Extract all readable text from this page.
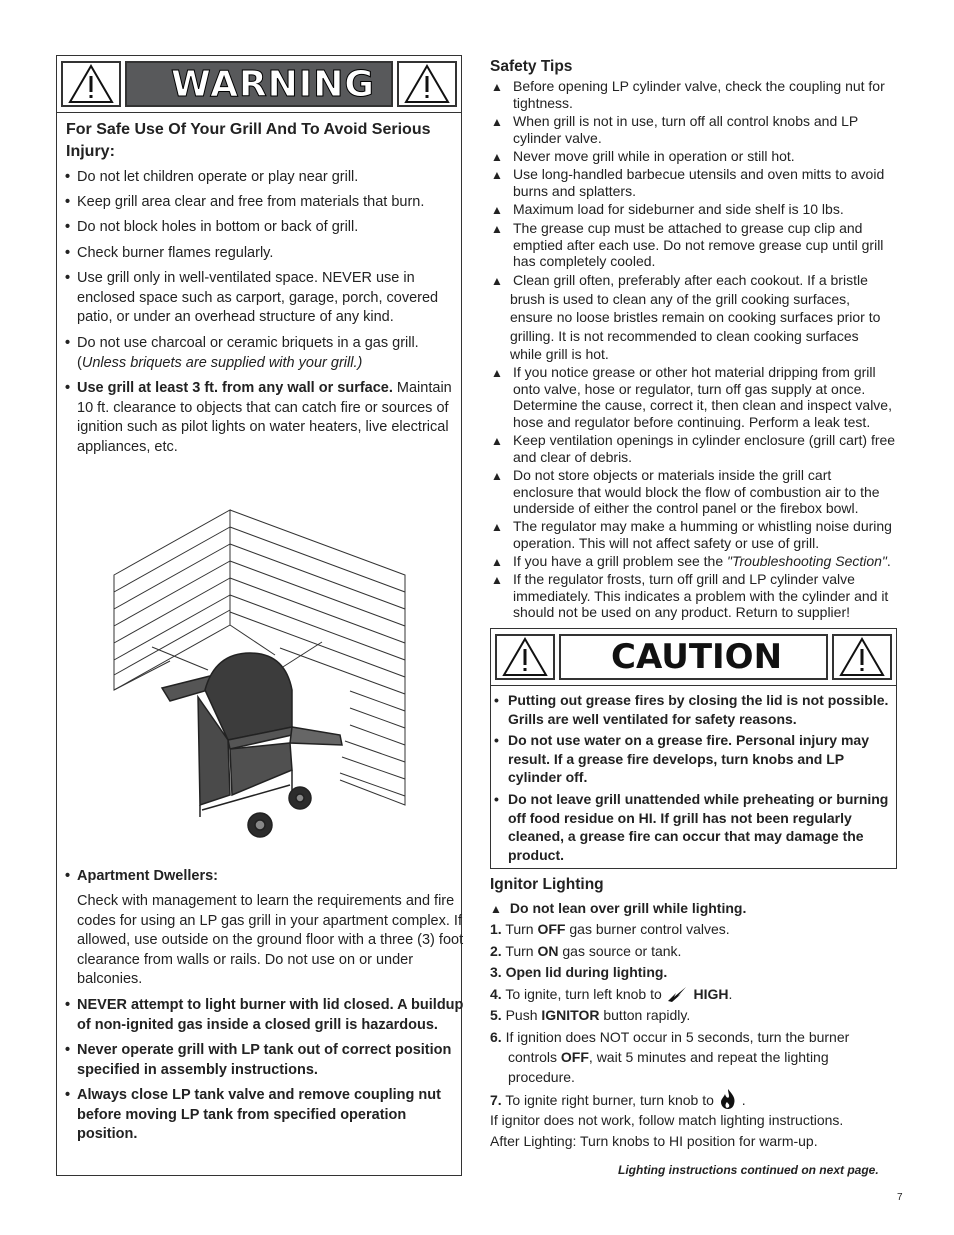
WARNING
For Safe Use Of Your Grill And To Avoid Serious
Injury:
• Do not let children operate or play near grill.
• Keep grill area clear and free from materials that burn.
• Do not block holes in bottom or back of grill.
• Check burner flames regularly.
• Use grill only in well-ventilated space. NEVER use in
enclosed space such as carport, garage, porch, covered
patio, or under an overhead structure of any kind.
• Do not use charcoal or ceramic briquets in a gas grill.
(Unless briquets are supplied with your grill.)
• Use grill at least 3 ft. from any wall or surface. Maintain
10 ft. clearance to objects that can catch fire or sources of
ignition such as pilot lights on water heaters, live electrical
appliances, etc.
• Apartment Dwellers:
Check with management to learn the requirements and fire
codes for using an LP gas grill in your apartment complex. If
allowed, use outside on the ground floor with a three (3) foot
clearance from walls or rails. Do not use on or under
balconies.
• NEVER attempt to light burner with lid closed. A buildup
of non-ignited gas inside a closed grill is hazardous.
• Never operate grill with LP tank out of correct position
specified in assembly instructions.
• Always close LP tank valve and remove coupling nut
before moving LP tank from specified operation
position.
Safety Tips
▲ Before opening LP cylinder valve, check the coupling nut for
tightness.
▲ When grill is not in use, turn off all control knobs and LP
cylinder valve.
▲ Never move grill while in operation or still hot.
▲ Use long-handled barbecue utensils and oven mitts to avoid
burns and splatters.
▲ Maximum load for sideburner and side shelf is 10 lbs.
▲ The grease cup must be attached to grease cup clip and
emptied after each use. Do not remove grease cup until grill
has completely cooled.
▲ Clean grill often, preferably after each cookout. If a bristle
brush is used to clean any of the grill cooking surfaces,
ensure no loose bristles remain on cooking surfaces prior to
grilling. It is not recommended to clean cooking surfaces
while grill is hot.
▲ If you notice grease or other hot material dripping from grill
onto valve, hose or regulator, turn off gas supply at once.
Determine the cause, correct it, then clean and inspect valve,
hose and regulator before continuing. Perform a leak test.
▲ Keep ventilation openings in cylinder enclosure (grill cart) free
and clear of debris.
▲ Do not store objects or materials inside the grill cart
enclosure that would block the flow of combustion air to the
underside of either the control panel or the firebox bowl.
▲ The regulator may make a humming or whistling noise during
operation. This will not affect safety or use of grill.
▲ If you have a grill problem see the "Troubleshooting Section".
▲ If the regulator frosts, turn off grill and LP cylinder valve
immediately. This indicates a problem with the cylinder and it
should not be used on any product. Return to supplier!
CAUTION
• Putting out grease fires by closing the lid is not possible.
Grills are well ventilated for safety reasons.
• Do not use water on a grease fire. Personal injury may
result. If a grease fire develops, turn knobs and LP
cylinder off.
• Do not leave grill unattended while preheating or burning
off food residue on HI. If grill has not been regularly
cleaned, a grease fire can occur that may damage the
product.
Ignitor Lighting
▲ Do not lean over grill while lighting.
1. Turn OFF gas burner control valves.
2. Turn ON gas source or tank.
3. Open lid during lighting.
4. To ignite, turn left knob to  HIGH.
5. Push IGNITOR button rapidly.
6. If ignition does NOT occur in 5 seconds, turn the burner
controls OFF, wait 5 minutes and repeat the lighting
procedure.
7. To ignite right burner, turn knob to  .
If ignitor does not work, follow match lighting instructions.
After Lighting: Turn knobs to HI position for warm-up.
Lighting instructions continued on next page.
7
